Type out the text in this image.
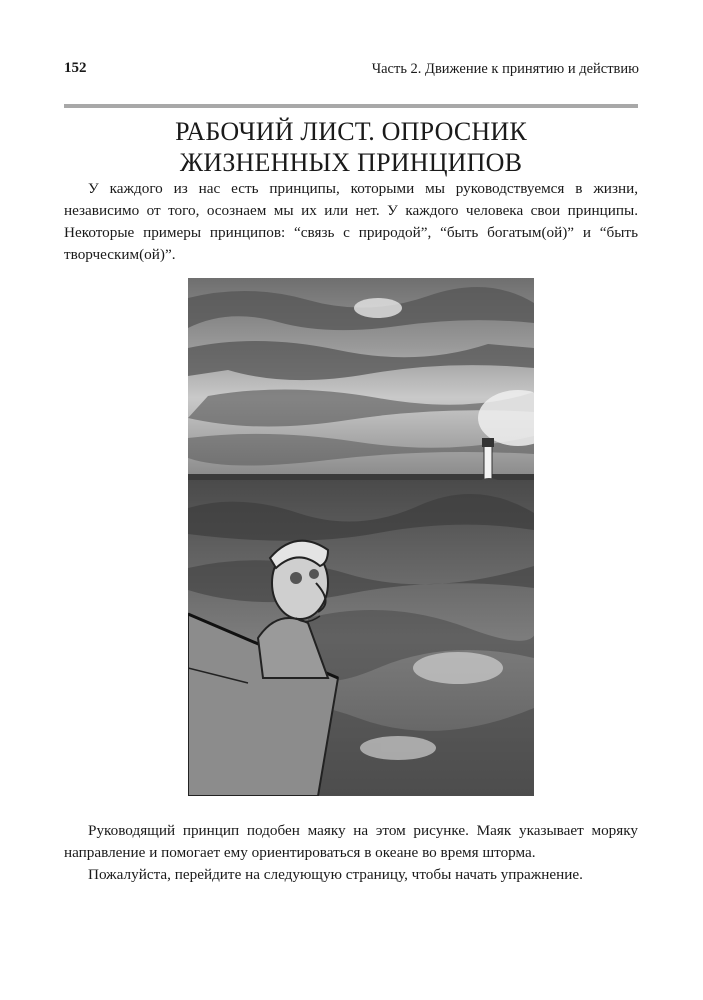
152	Часть 2. Движение к принятию и действию
РАБОЧИЙ ЛИСТ. ОПРОСНИК
ЖИЗНЕННЫХ ПРИНЦИПОВ

У каждого из нас есть принципы, которыми мы руководствуемся в жизни, независимо от того, осознаем мы их или нет. У каждого человека свои принципы. Некоторые примеры принципов: “связь с природой”, “быть богатым(ой)” и “быть творческим(ой)”.

Руководящий принцип подобен маяку на этом рисунке. Маяк указывает моряку направление и помогает ему ориентироваться в океане во время шторма.

Пожалуйста, перейдите на следующую страницу, чтобы начать упражнение.
